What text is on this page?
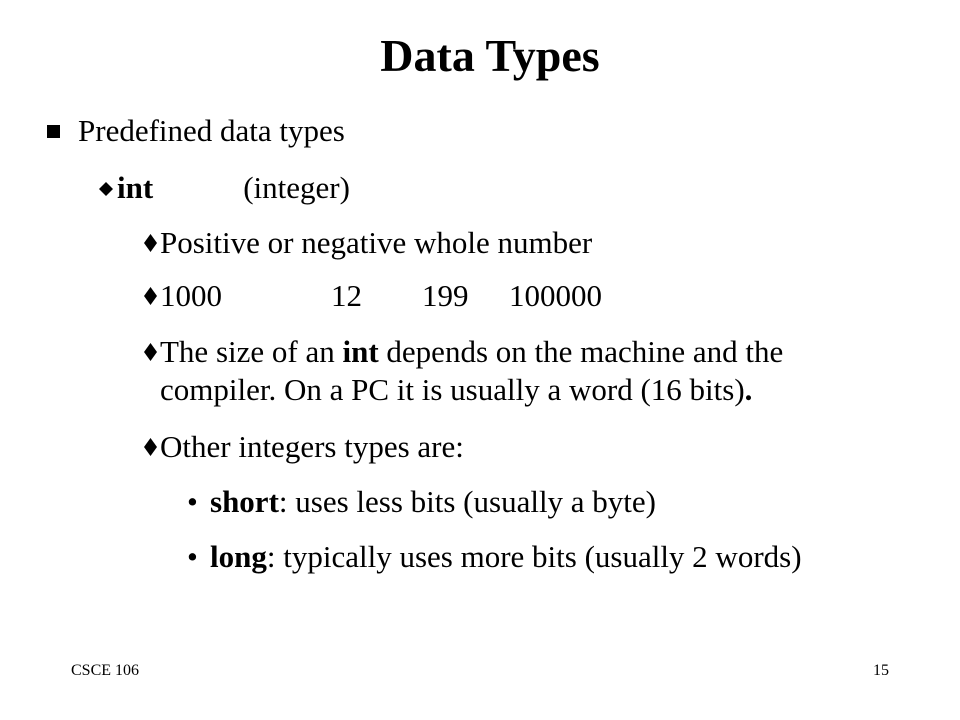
Data Types
Predefined data types
int	(integer)
Positive or negative whole number
1000	12 199 100000
The size of an int depends on the machine and the
compiler. On a PC it is usually a word (16 bits).
Other integers types are:
• short: uses less bits (usually a byte)
• long: typically uses more bits (usually 2 words)
CSCE 106	15
